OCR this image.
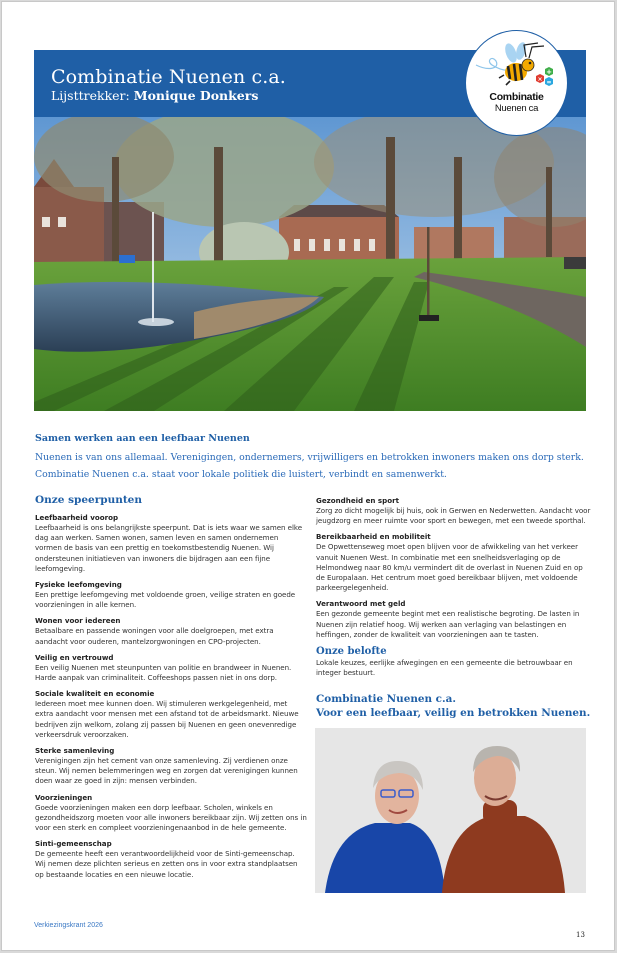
Combinatie Nuenen c.a.
Lijsttrekker: Monique Donkers
×
+
=
Combinatie
Nuenen ca
Samen werken aan een leefbaar Nuenen
Nuenen is van ons allemaal. Verenigingen, ondernemers, vrijwilligers en betrokken inwoners maken ons dorp sterk.
Combinatie Nuenen c.a. staat voor lokale politiek die luistert, verbindt en samenwerkt.
Onze speerpunten
Leefbaarheid voorop
Leefbaarheid is ons belangrijkste speerpunt. Dat is iets waar we samen elke dag aan werken. Samen wonen, samen leven en samen ondernemen vormen de basis van een prettig en toekomstbestendig Nuenen. Wij ondersteunen initiatieven van inwoners die bijdragen aan een fijne leefomgeving.
Fysieke leefomgeving
Een prettige leefomgeving met voldoende groen, veilige straten en goede voorzieningen in alle kernen.
Wonen voor iedereen
Betaalbare en passende woningen voor alle doelgroepen, met extra aandacht voor ouderen, mantelzorgwoningen en CPO-projecten.
Veilig en vertrouwd
Een veilig Nuenen met steunpunten van politie en brandweer in Nuenen. Harde aanpak van criminaliteit. Coffeeshops passen niet in ons dorp.
Sociale kwaliteit en economie
Iedereen moet mee kunnen doen. Wij stimuleren werkgelegenheid, met extra aandacht voor mensen met een afstand tot de arbeidsmarkt. Nieuwe bedrijven zijn welkom, zolang zij passen bij Nuenen en geen onevenredige verkeersdruk veroorzaken.
Sterke samenleving
Verenigingen zijn het cement van onze samenleving. Zij verdienen onze steun. Wij nemen belemmeringen weg en zorgen dat verenigingen kunnen doen waar ze goed in zijn: mensen verbinden.
Voorzieningen
Goede voorzieningen maken een dorp leefbaar. Scholen, winkels en gezondheidszorg moeten voor alle inwoners bereikbaar zijn. Wij zetten ons in voor een sterk en compleet voorzieningenaanbod in de hele gemeente.
Sinti-gemeenschap
De gemeente heeft een verantwoordelijkheid voor de Sinti-gemeenschap. Wij nemen deze plichten serieus en zetten ons in voor extra standplaatsen op bestaande locaties en een nieuwe locatie.
Gezondheid en sport
Zorg zo dicht mogelijk bij huis, ook in Gerwen en Nederwetten. Aandacht voor jeugdzorg en meer ruimte voor sport en bewegen, met een tweede sporthal.
Bereikbaarheid en mobiliteit
De Opwettenseweg moet open blijven voor de afwikkeling van het verkeer vanuit Nuenen West. In combinatie met een snelheidsverlaging op de Helmondweg naar 80 km/u vermindert dit de overlast in Nuenen Zuid en op de Europalaan. Het centrum moet goed bereikbaar blijven, met voldoende parkeergelegenheid.
Verantwoord met geld
Een gezonde gemeente begint met een realistische begroting. De lasten in Nuenen zijn relatief hoog. Wij werken aan verlaging van belastingen en heffingen, zonder de kwaliteit van voorzieningen aan te tasten.
Onze belofte
Lokale keuzes, eerlijke afwegingen en een gemeente die betrouwbaar en integer bestuurt.
Combinatie Nuenen c.a.
Voor een leefbaar, veilig en betrokken Nuenen.
Verkiezingskrant 2026
13
